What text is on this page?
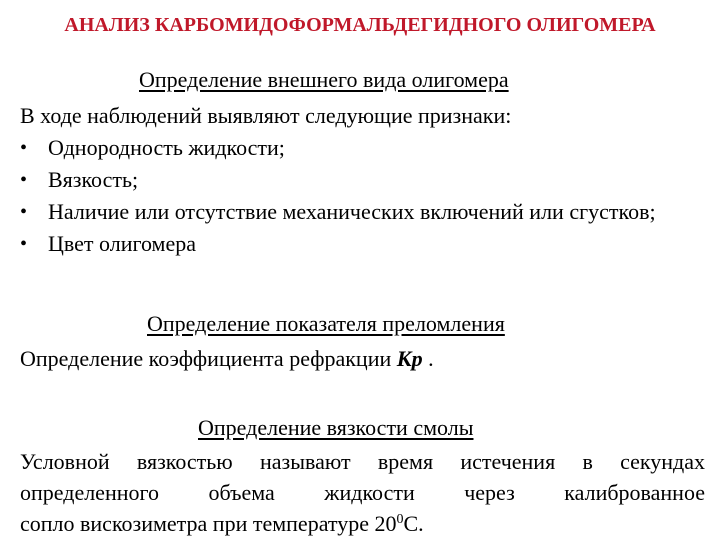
АНАЛИЗ КАРБОМИДОФОРМАЛЬДЕГИДНОГО ОЛИГОМЕРА
Определение внешнего вида олигомера
В ходе наблюдений выявляют следующие признаки:
• Однородность жидкости;
• Вязкость;
• Наличие или отсутствие механических включений или сгустков;
• Цвет олигомера
Определение показателя преломления
Определение коэффициента рефракции Кр .
Определение вязкости смолы
Условной вязкостью называют время истечения в секундах
определенного объема жидкости через калиброванное
сопло вискозиметра при температуре $20^0С$.
